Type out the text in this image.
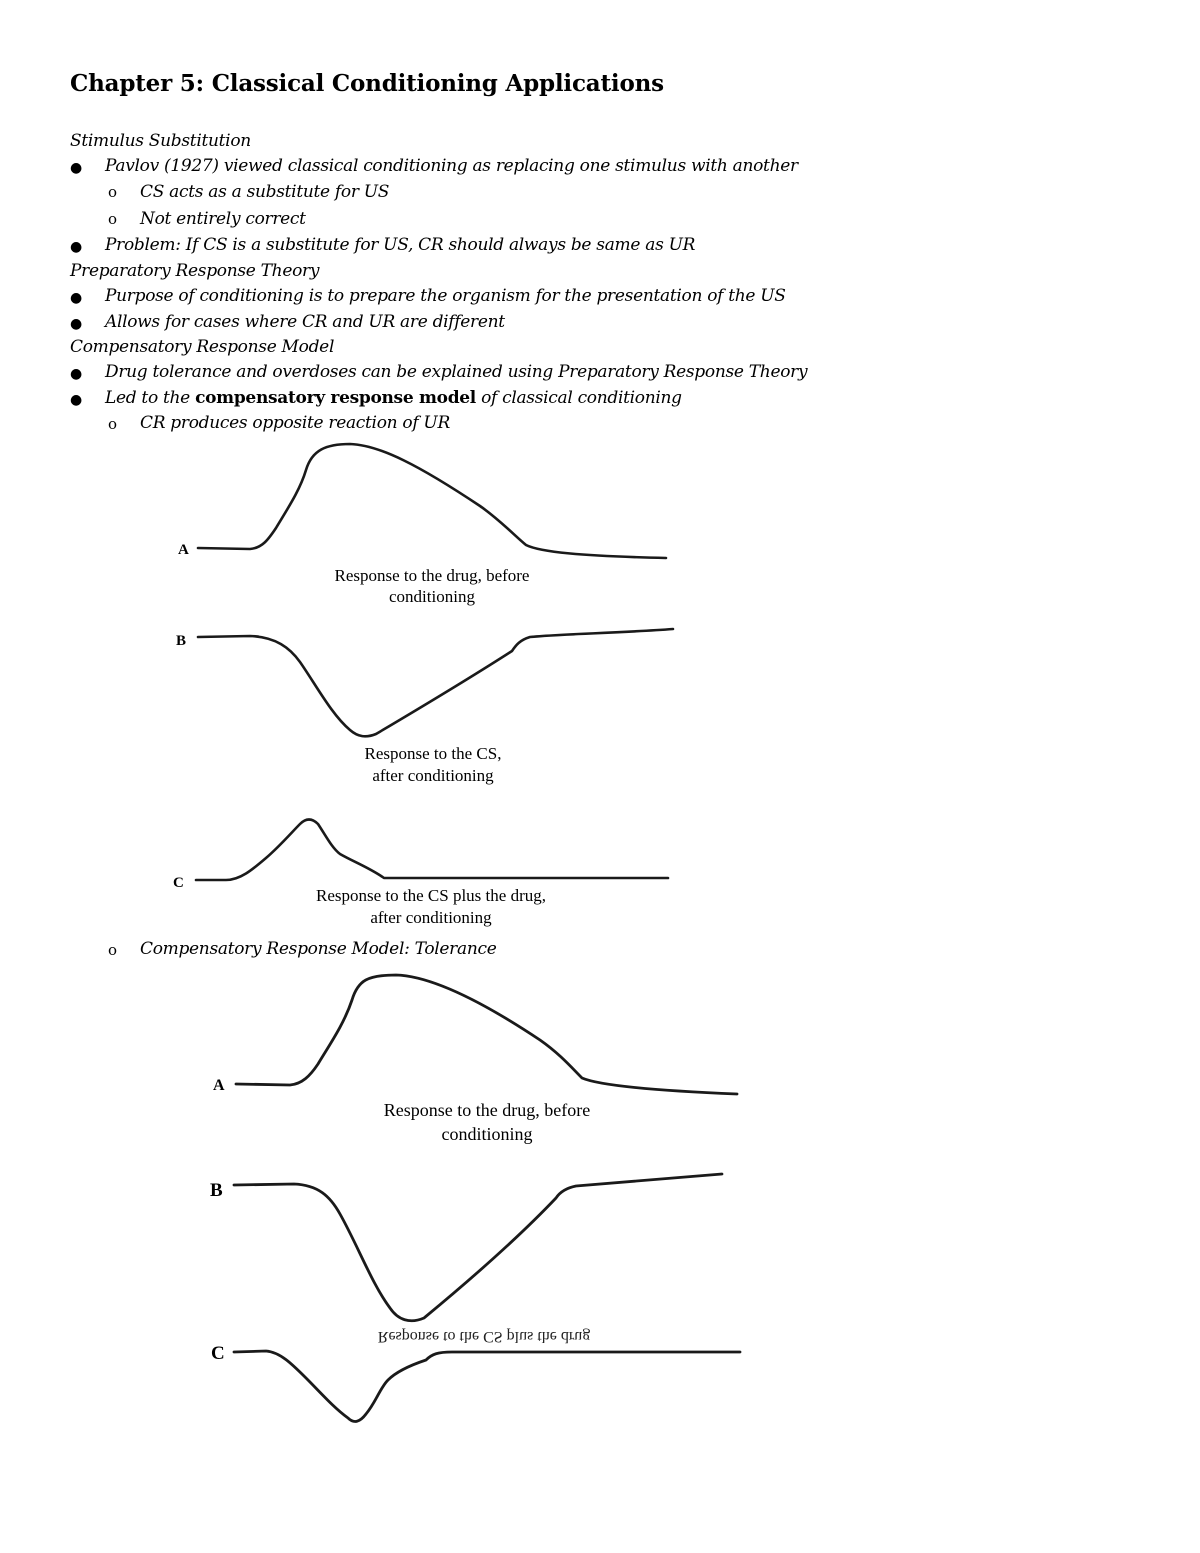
Chapter 5: Classical Conditioning Applications
Stimulus Substitution
● Pavlov (1927) viewed classical conditioning as replacing one stimulus with another
o CS acts as a substitute for US
o Not entirely correct
● Problem: If CS is a substitute for US, CR should always be same as UR
Preparatory Response Theory
● Purpose of conditioning is to prepare the organism for the presentation of the US
● Allows for cases where CR and UR are different
Compensatory Response Model
● Drug tolerance and overdoses can be explained using Preparatory Response Theory
● Led to the compensatory response model of classical conditioning
o CR produces opposite reaction of UR
A
Response to the drug, before
conditioning
B
Response to the CS,
after conditioning
C
Response to the CS plus the drug,
after conditioning
o Compensatory Response Model: Tolerance
A
Response to the drug, before
conditioning
B
C
Response to the CS plus the drug
